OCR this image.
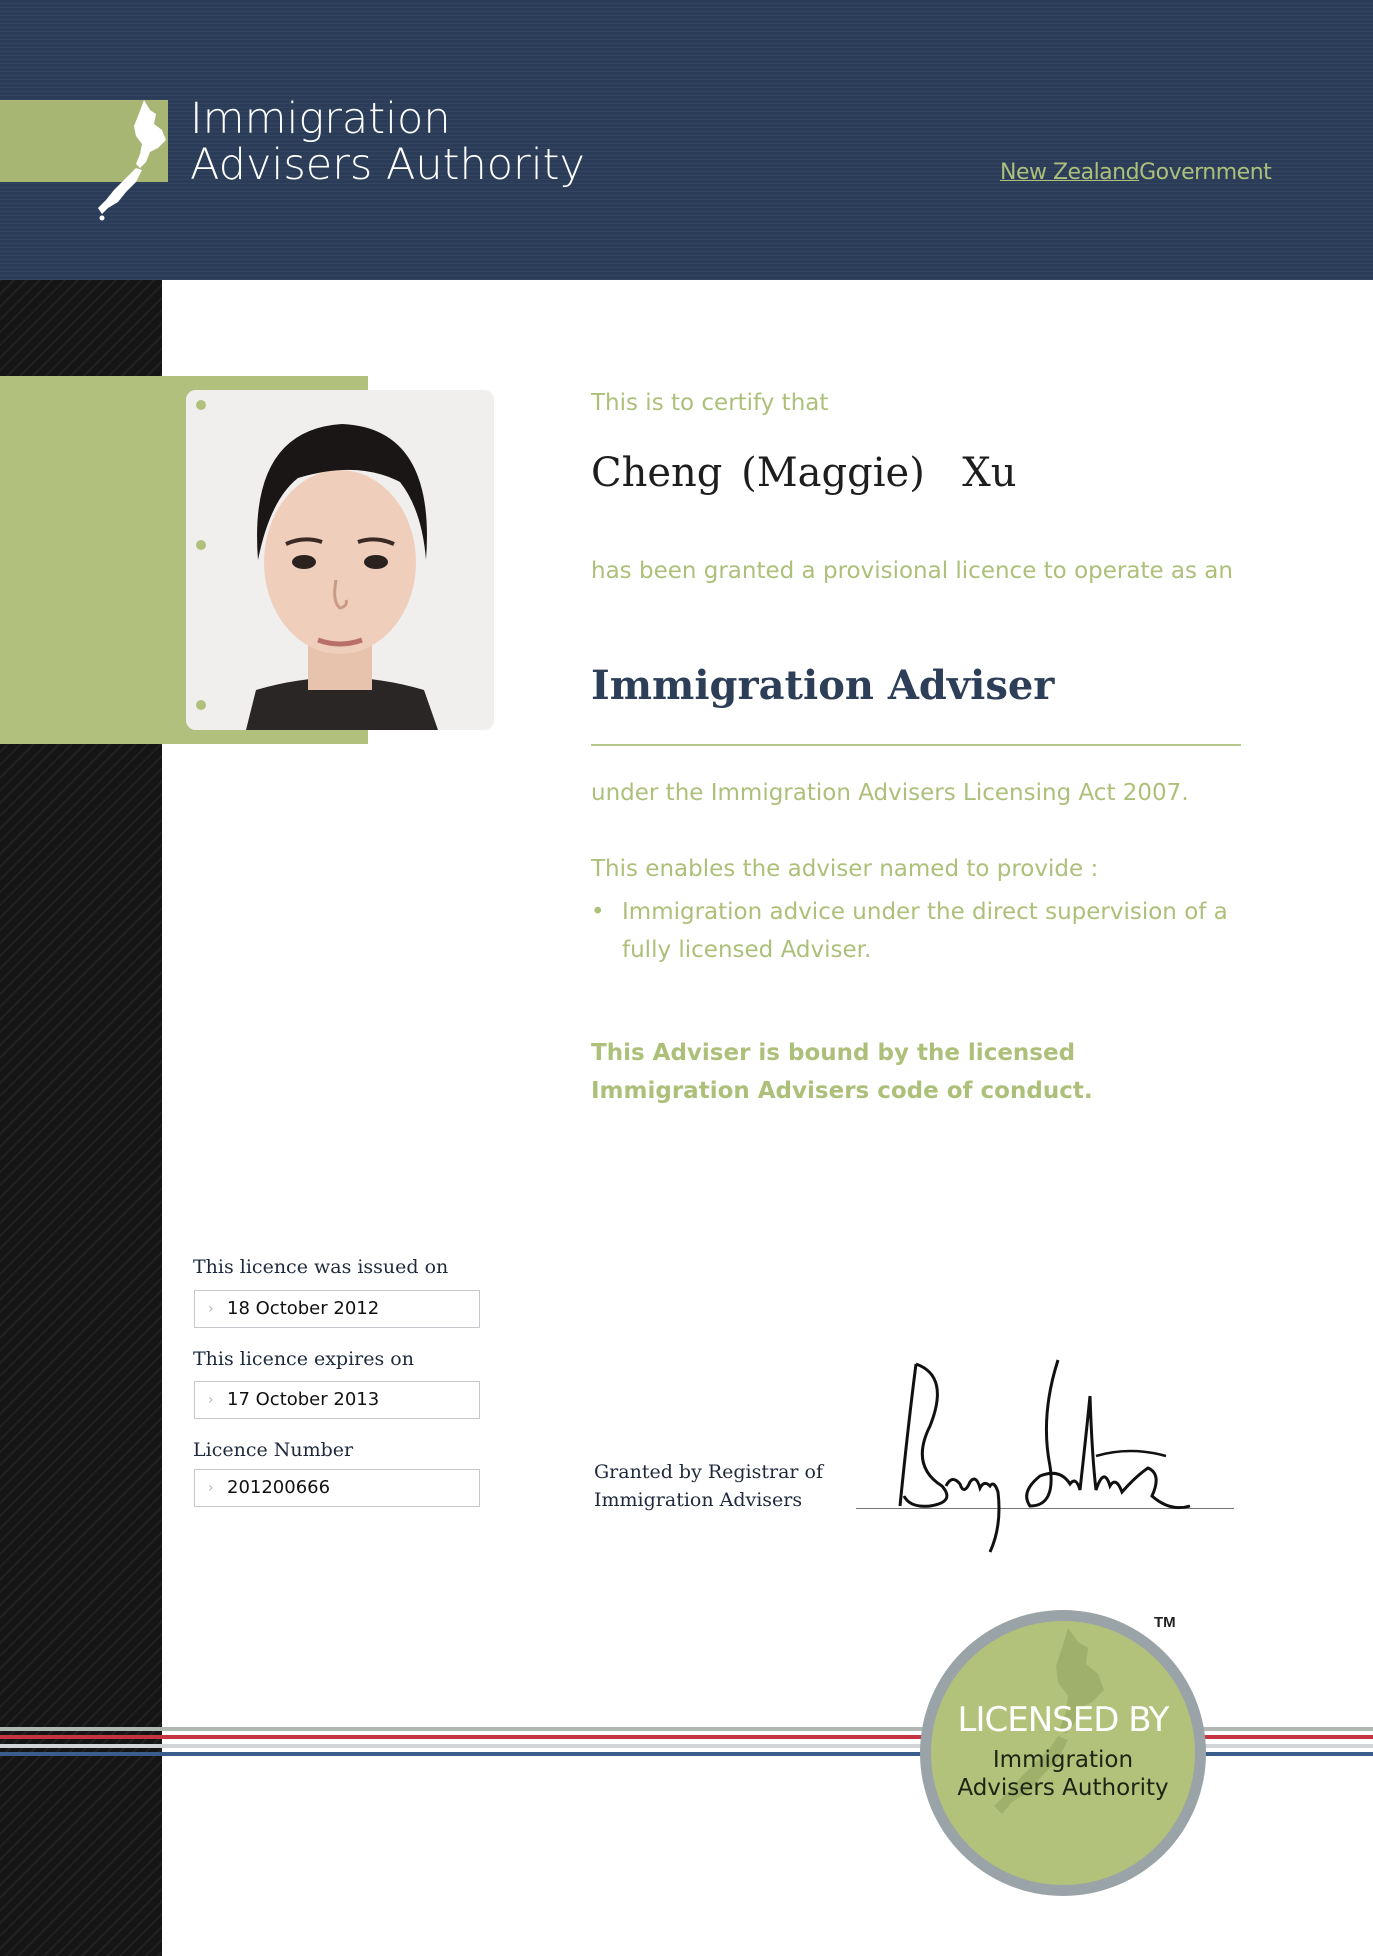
Immigration
Advisers Authority	New ZealandGovernment
This is to certify that
Cheng (Maggie)  Xu
has been granted a provisional licence to operate as an
Immigration Adviser
under the Immigration Advisers Licensing Act 2007.
This enables the adviser named to provide :
• Immigration advice under the direct supervision of a fully licensed Adviser.
This Adviser is bound by the licensed Immigration Advisers code of conduct.
This licence was issued on
› 18 October 2012
This licence expires on
› 17 October 2013
Licence Number
› 201200666
Granted by Registrar of Immigration Advisers
LICENSED BY
Immigration
Advisers Authority
TM
